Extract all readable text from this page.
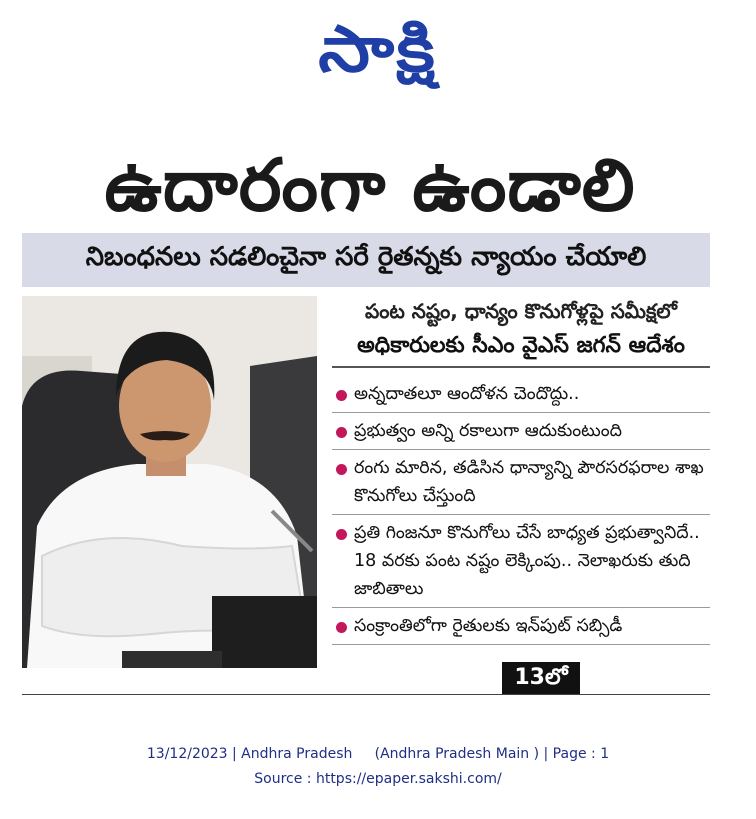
సాక్షి
ఉదారంగా ఉండాలి
నిబంధనలు సడలించైనా సరే రైతన్నకు న్యాయం చేయాలి
పంట నష్టం, ధాన్యం కొనుగోళ్లపై సమీక్షలో
అధికారులకు సీఎం వైఎస్‌ జగన్‌ ఆదేశం
అన్నదాతలూ ఆందోళన చెందొద్దు..
ప్రభుత్వం అన్ని రకాలుగా ఆదుకుంటుంది
రంగు మారిన, తడిసిన ధాన్యాన్ని పౌరసరఫరాల శాఖ కొనుగోలు చేస్తుంది
ప్రతి గింజనూ కొనుగోలు చేసే బాధ్యత ప్రభుత్వానిదే.. 18 వరకు పంట నష్టం లెక్కింపు.. నెలాఖరుకు తుది జాబితాలు
సంక్రాంతిలోగా రైతులకు ఇన్‌పుట్‌ సబ్సిడీ
13లో
13/12/2023 | Andhra Pradesh     (Andhra Pradesh Main ) | Page : 1
Source : https://epaper.sakshi.com/
